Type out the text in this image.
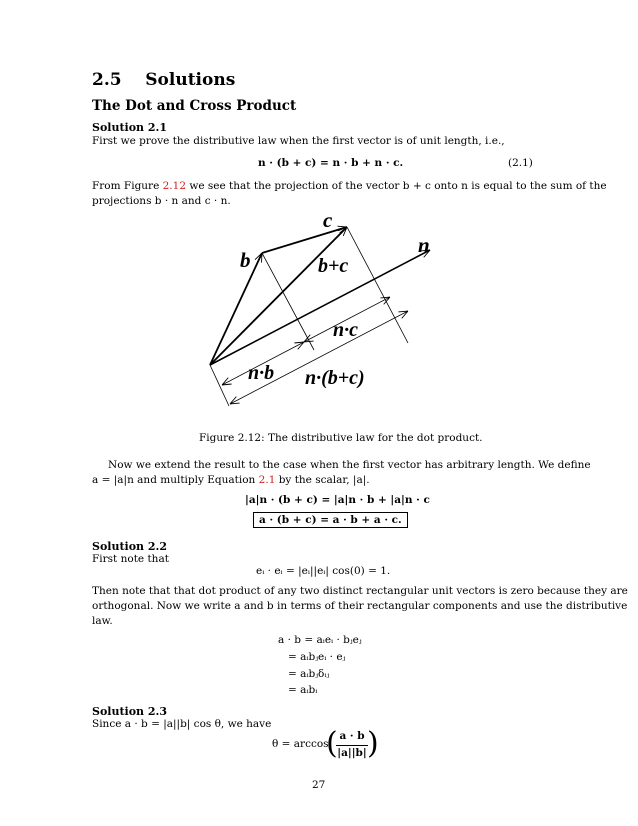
2.5 Solutions
The Dot and Cross Product
Solution 2.1
First we prove the distributive law when the first vector is of unit length, i.e.,
n · (b + c) = n · b + n · c.	(2.1)
From Figure 2.12 we see that the projection of the vector b + c onto n is equal to the sum of the
projections b · n and c · n.
c
n
b	b+c
n·c
n·b n·(b+c)
Figure 2.12: The distributive law for the dot product.
Now we extend the result to the case when the first vector has arbitrary length. We define
a = |a|n and multiply Equation 2.1 by the scalar, |a|.
|a|n · (b + c) = |a|n · b + |a|n · c
a · (b + c) = a · b + a · c.
Solution 2.2
First note that
eᵢ · eᵢ = |eᵢ||eᵢ| cos(0) = 1.
Then note that that dot product of any two distinct rectangular unit vectors is zero because they are
orthogonal. Now we write a and b in terms of their rectangular components and use the distributive
law.
a · b = aᵢeᵢ · bⱼeⱼ
= aᵢbⱼeᵢ · eⱼ
= aᵢbⱼδᵢⱼ
= aᵢbᵢ
Solution 2.3
Since a · b = |a||b| cos θ, we have
θ = arccos
( a · b
|a||b| )
27
